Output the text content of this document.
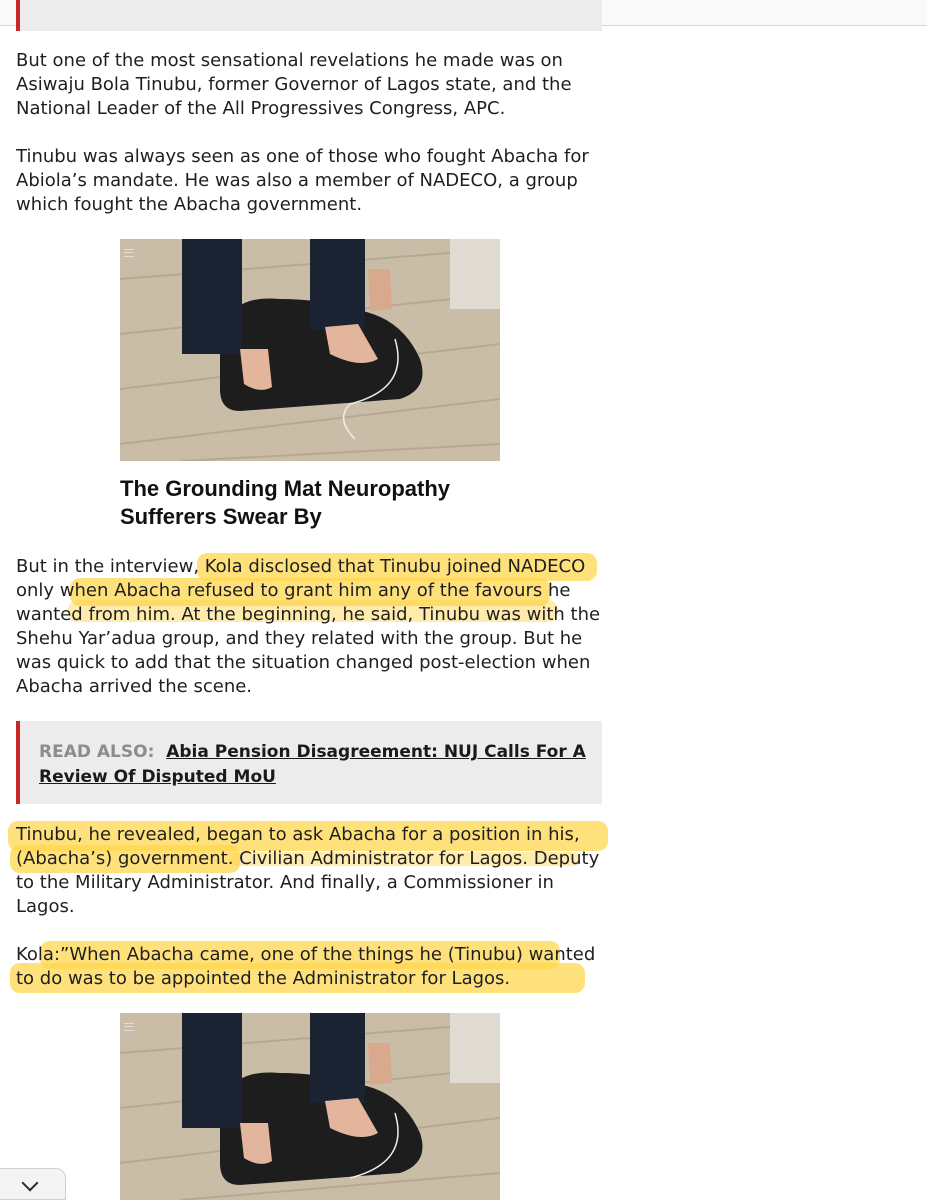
But one of the most sensational revelations he made was on Asiwaju Bola Tinubu, former Governor of Lagos state, and the National Leader of the All Progressives Congress, APC.

Tinubu was always seen as one of those who fought Abacha for Abiola’s mandate. He was also a member of NADECO, a group which fought the Abacha government.

The Grounding Mat Neuropathy Sufferers Swear By

But in the interview, Kola disclosed that Tinubu joined NADECO only when Abacha refused to grant him any of the favours he wanted from him. At the beginning, he said, Tinubu was with the Shehu Yar’adua group, and they related with the group. But he was quick to add that the situation changed post-election when Abacha arrived the scene.

READ ALSO: Abia Pension Disagreement: NUJ Calls For A Review Of Disputed MoU

Tinubu, he revealed, began to ask Abacha for a position in his, (Abacha’s) government. Civilian Administrator for Lagos. Deputy to the Military Administrator. And finally, a Commissioner in Lagos.

Kola:”When Abacha came, one of the things he (Tinubu) wanted to do was to be appointed the Administrator for Lagos.
